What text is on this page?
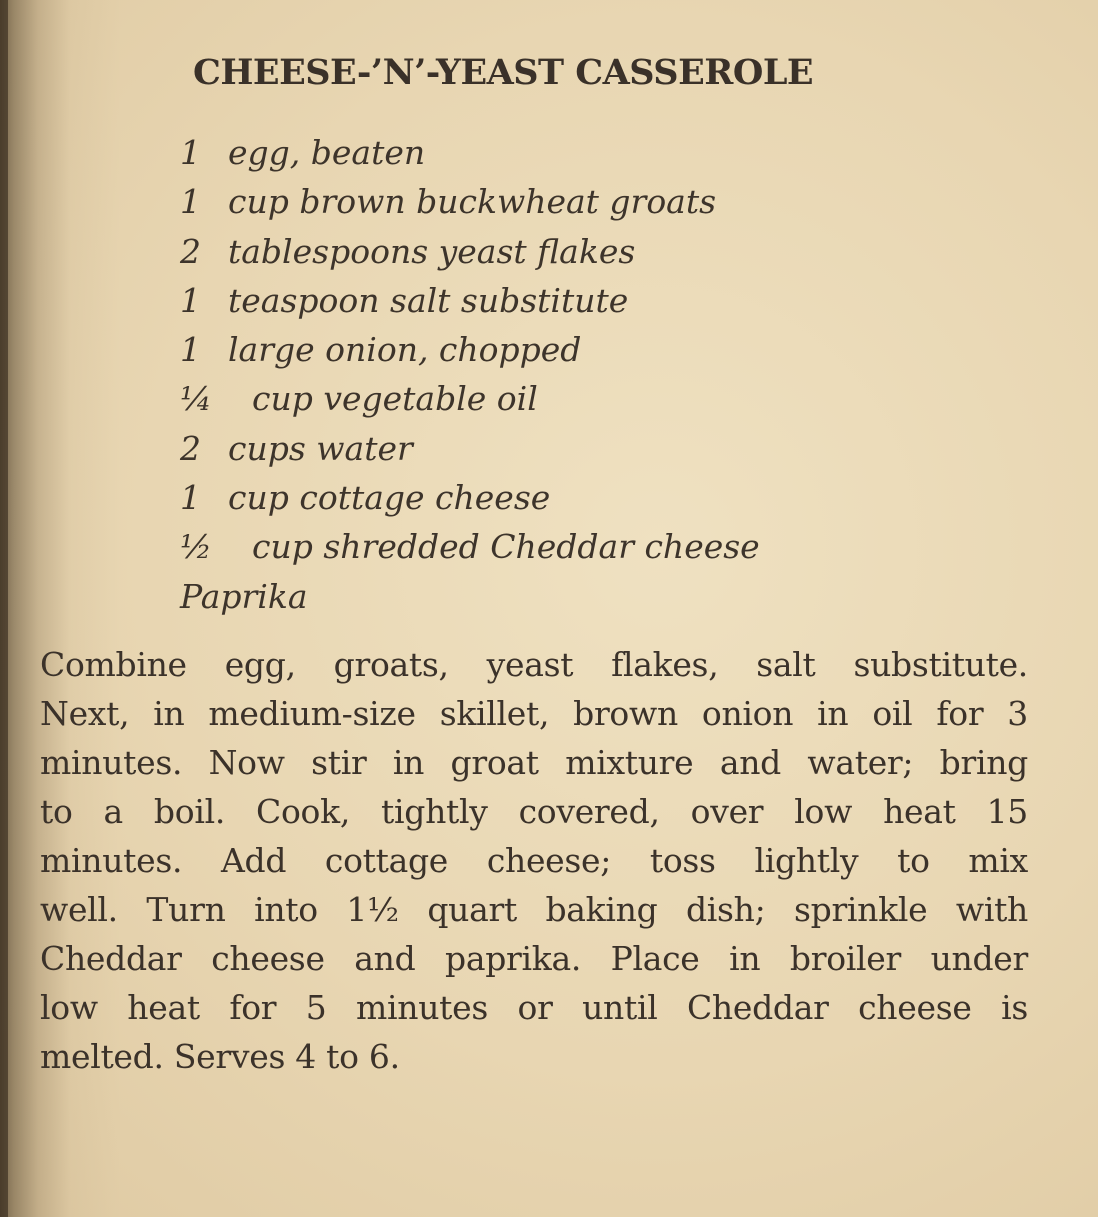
CHEESE-’N’-YEAST CASSEROLE
1 egg, beaten
1 cup brown buckwheat groats
2 tablespoons yeast flakes
1 teaspoon salt substitute
1 large onion, chopped
¼	cup vegetable oil
2 cups water
1 cup cottage cheese
½	cup shredded Cheddar cheese
Paprika
Combine egg, groats, yeast flakes, salt substitute.
Next, in medium-size skillet, brown onion in oil for 3
minutes. Now stir in groat mixture and water; bring
to a boil. Cook, tightly covered, over low heat 15
minutes. Add cottage cheese; toss lightly to mix
well. Turn into 1½ quart baking dish; sprinkle with
Cheddar cheese and paprika. Place in broiler under
low heat for 5 minutes or until Cheddar cheese is
melted. Serves 4 to 6.
